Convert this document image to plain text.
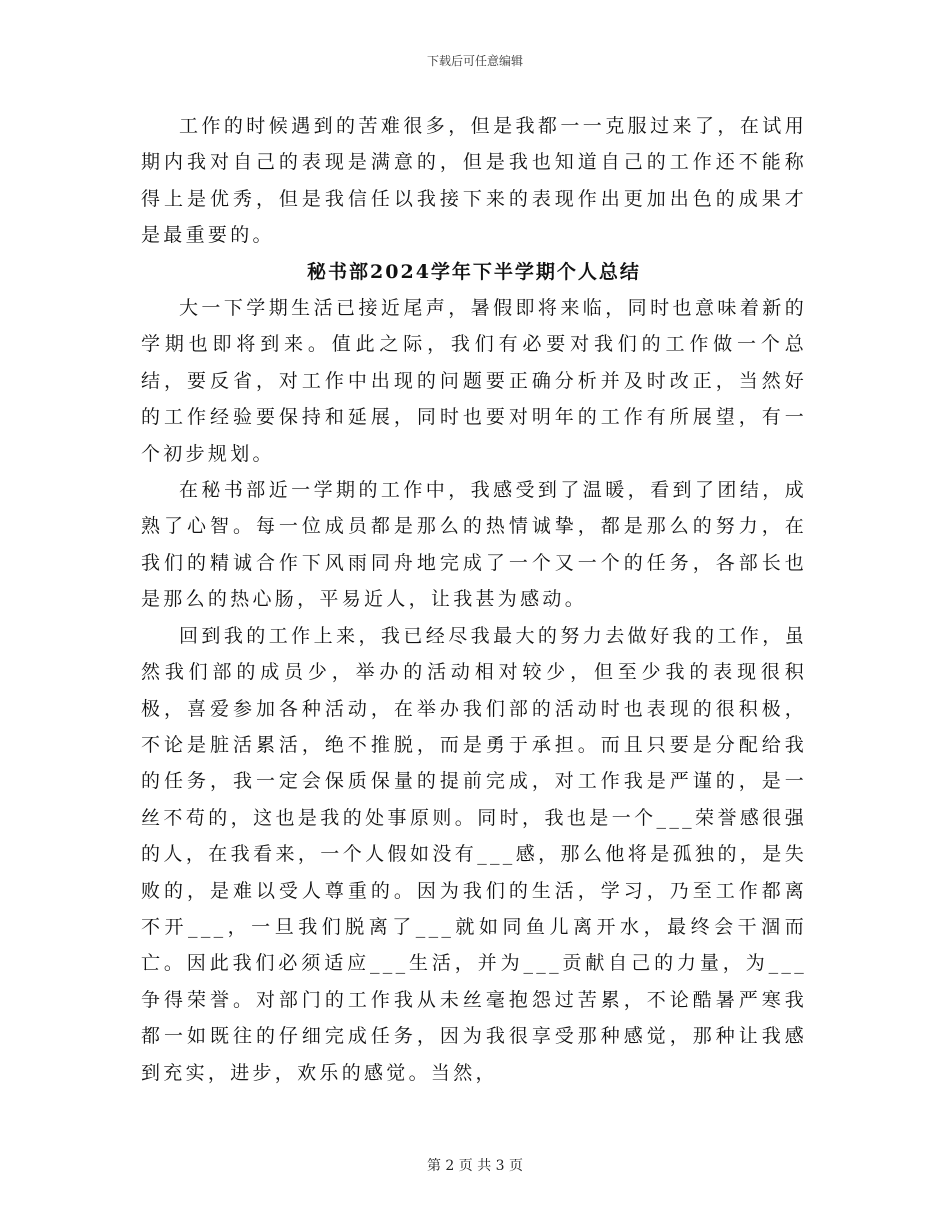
下载后可任意编辑

工作的时候遇到的苦难很多，但是我都一一克服过来了，在试用期内我对自己的表现是满意的，但是我也知道自己的工作还不能称得上是优秀，但是我信任以我接下来的表现作出更加出色的成果才是最重要的。

秘书部2024学年下半学期个人总结

大一下学期生活已接近尾声，暑假即将来临，同时也意味着新的学期也即将到来。值此之际，我们有必要对我们的工作做一个总结，要反省，对工作中出现的问题要正确分析并及时改正，当然好的工作经验要保持和延展，同时也要对明年的工作有所展望，有一个初步规划。

在秘书部近一学期的工作中，我感受到了温暖，看到了团结，成熟了心智。每一位成员都是那么的热情诚挚，都是那么的努力，在我们的精诚合作下风雨同舟地完成了一个又一个的任务，各部长也是那么的热心肠，平易近人，让我甚为感动。

回到我的工作上来，我已经尽我最大的努力去做好我的工作，虽然我们部的成员少，举办的活动相对较少，但至少我的表现很积极，喜爱参加各种活动，在举办我们部的活动时也表现的很积极，不论是脏活累活，绝不推脱，而是勇于承担。而且只要是分配给我的任务，我一定会保质保量的提前完成，对工作我是严谨的，是一丝不苟的，这也是我的处事原则。同时，我也是一个___荣誉感很强的人，在我看来，一个人假如没有___感，那么他将是孤独的，是失败的，是难以受人尊重的。因为我们的生活，学习，乃至工作都离不开___，一旦我们脱离了___就如同鱼儿离开水，最终会干涸而亡。因此我们必须适应___生活，并为___贡献自己的力量，为___争得荣誉。对部门的工作我从未丝毫抱怨过苦累，不论酷暑严寒我都一如既往的仔细完成任务，因为我很享受那种感觉，那种让我感到充实，进步，欢乐的感觉。当然，

第 2 页 共 3 页
